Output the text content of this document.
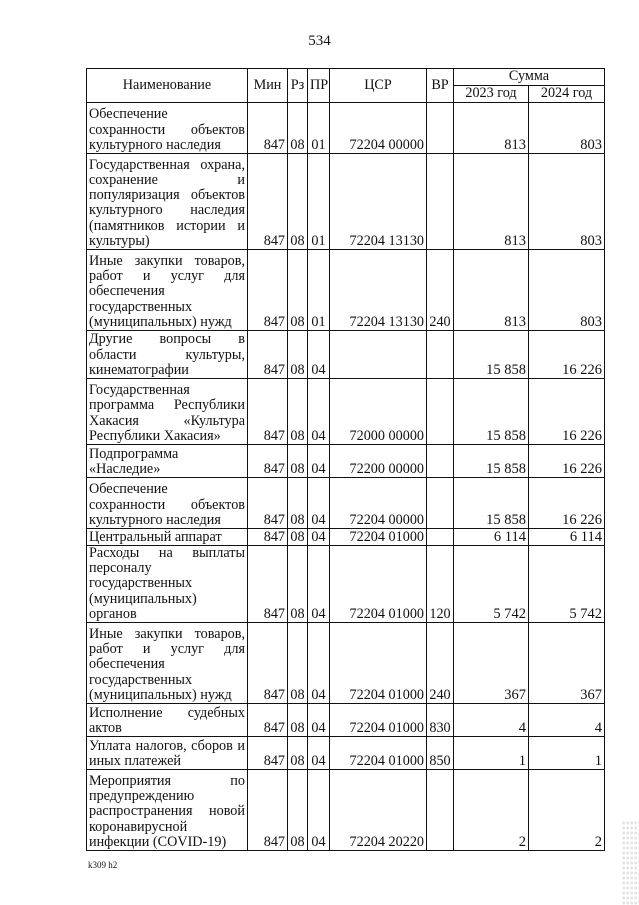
534
Наименование	Мин	Рз	ПР	ЦСР	ВР	Сумма	
						2023 год	2024 год
Обеспечение сохранности объектов культурного наследия	847	08	01	72204 00000		813	803
Государственная охрана, сохранение и популяризация объектов культурного наследия (памятников истории и культуры)	847	08	01	72204 13130		813	803
Иные закупки товаров, работ и услуг для обеспечения государственных (муниципальных) нужд	847	08	01	72204 13130	240	813	803
Другие вопросы в области культуры, кинематографии	847	08	04			15 858	16 226
Государственная программа Республики Хакасия «Культура Республики Хакасия»	847	08	04	72000 00000		15 858	16 226
Подпрограмма «Наследие»	847	08	04	72200 00000		15 858	16 226
Обеспечение сохранности объектов культурного наследия	847	08	04	72204 00000		15 858	16 226
Центральный аппарат	847	08	04	72204 01000		6 114	6 114
Расходы на выплаты персоналу государственных (муниципальных) органов	847	08	04	72204 01000	120	5 742	5 742
Иные закупки товаров, работ и услуг для обеспечения государственных (муниципальных) нужд	847	08	04	72204 01000	240	367	367
Исполнение судебных актов	847	08	04	72204 01000	830	4	4
Уплата налогов, сборов и иных платежей	847	08	04	72204 01000	850	1	1
Мероприятия по предупреждению распространения новой коронавирусной инфекции (COVID-19)	847	08	04	72204 20220		2	2
k309 h2
